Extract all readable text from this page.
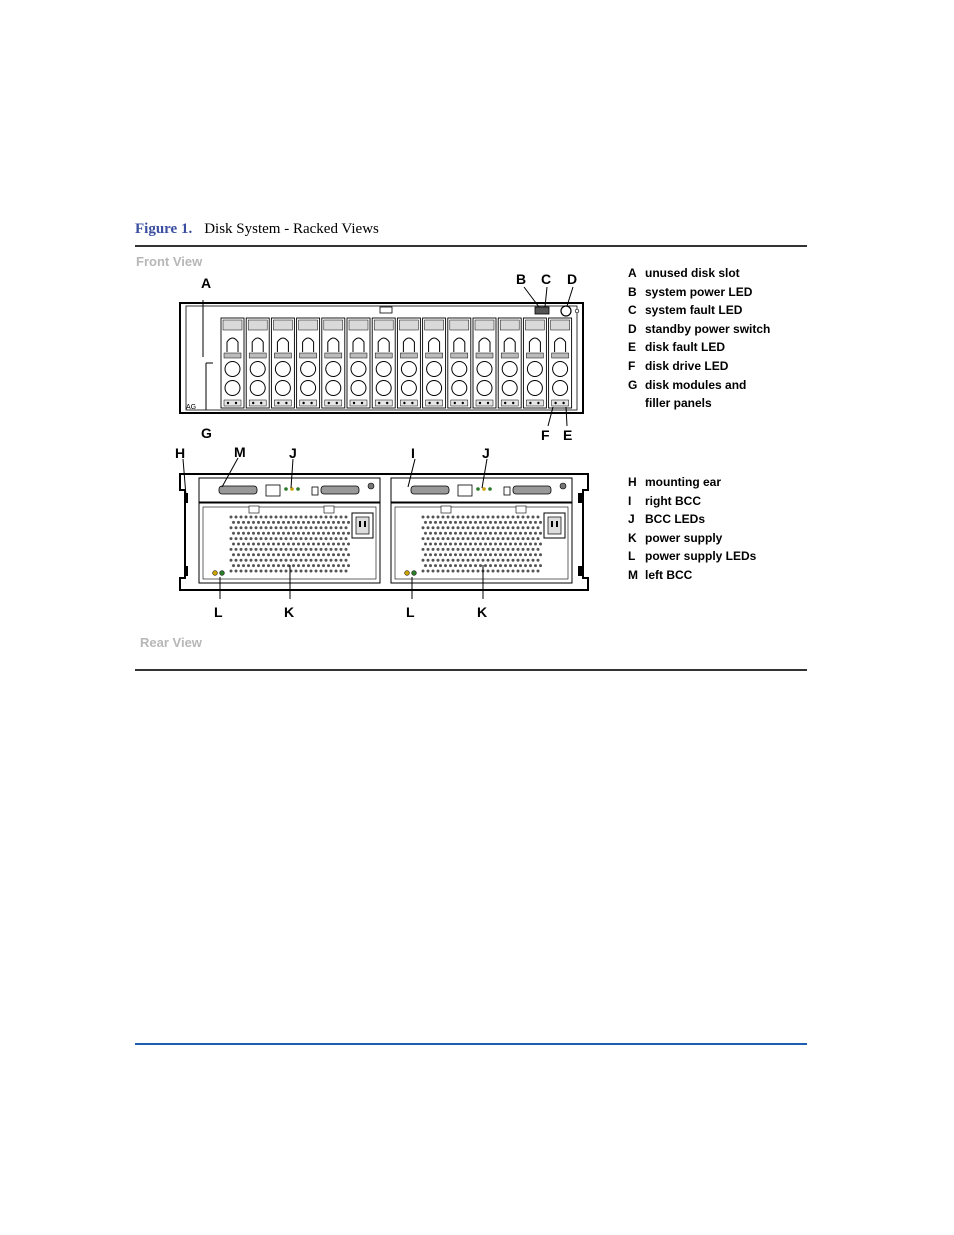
Figure 1. Disk System - Racked Views
Front View
Rear View
AG
A	B C D
E
F
G
H	I
J	J
M
L	K	L	K
A unused disk slot
B system power LED
C system fault LED
D standby power switch
E disk fault LED
F disk drive LED
G disk modules and filler panels
H mounting ear
I	right BCC
J BCC LEDs
K power supply
L power supply LEDs
M left BCC
